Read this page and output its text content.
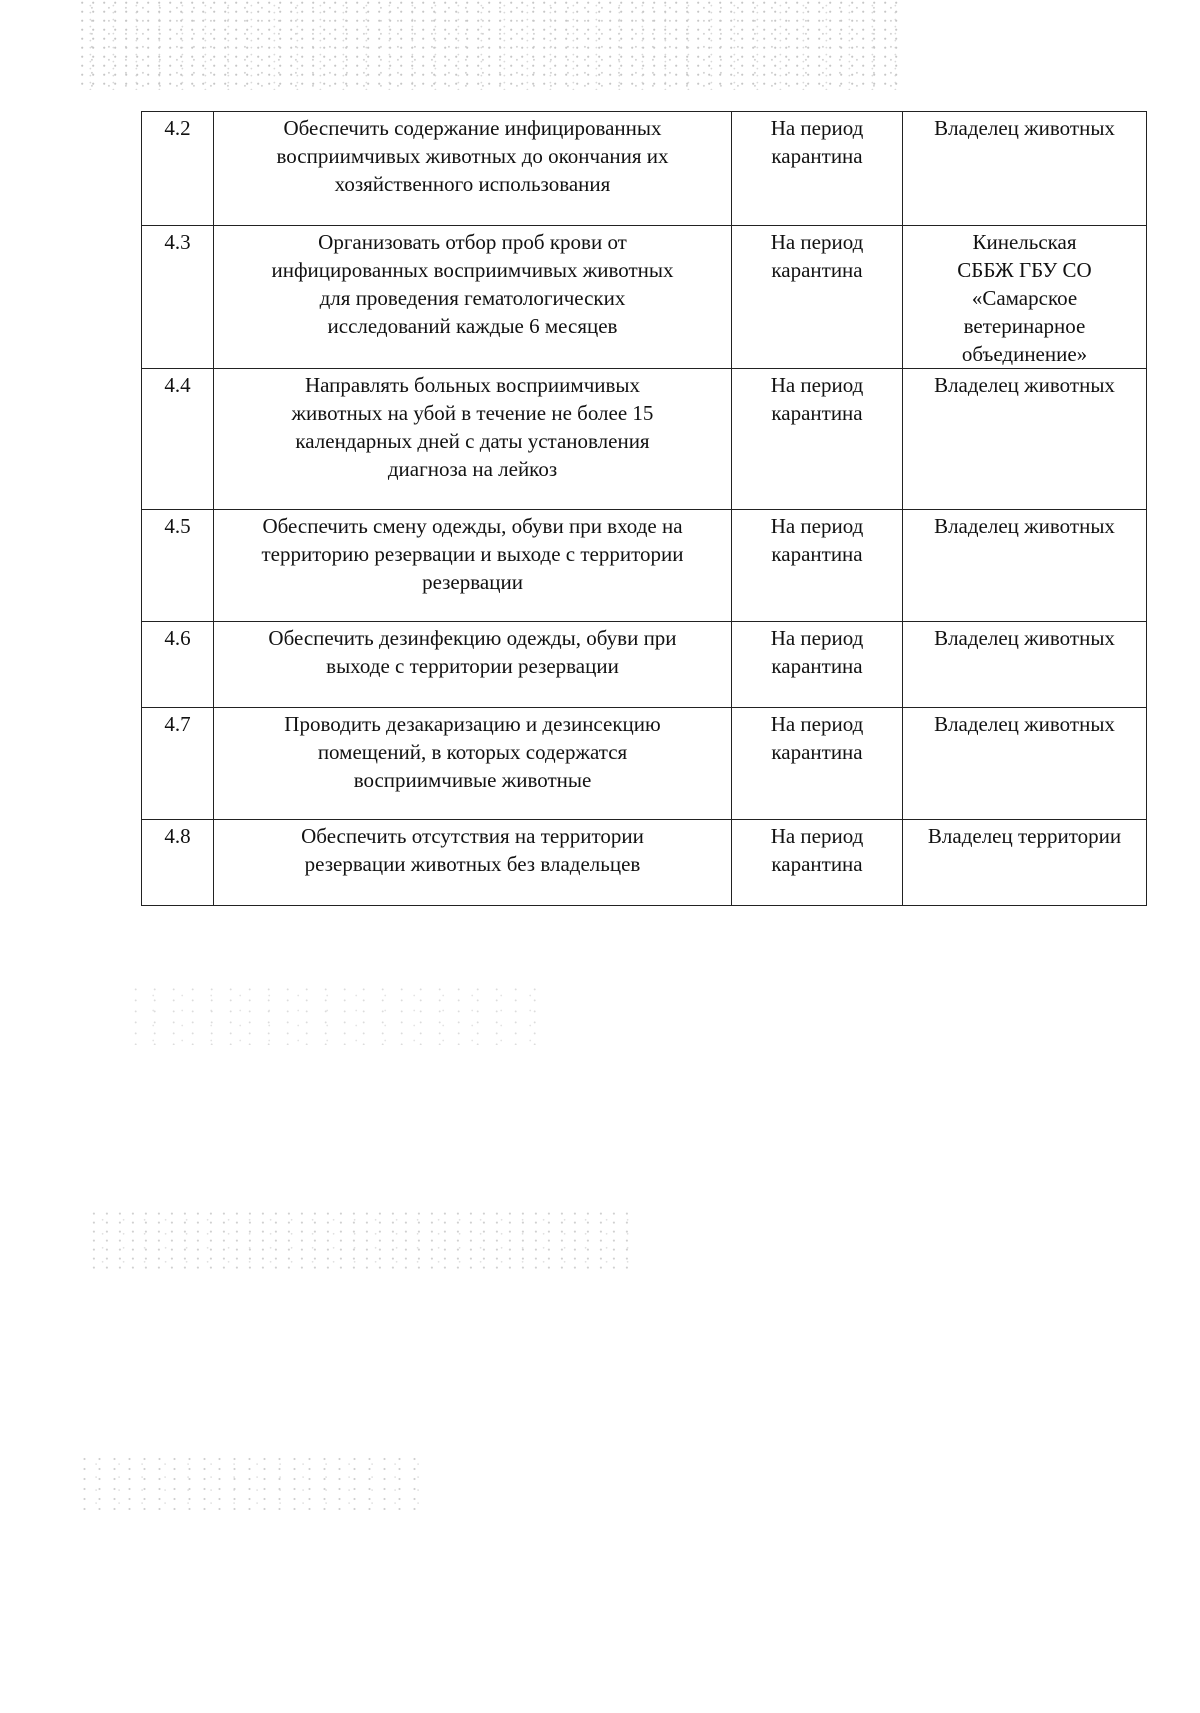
4.2	Обеспечить содержание инфицированных
восприимчивых животных до окончания их
хозяйственного использования	На период
карантина	Владелец животных

4.3	Организовать отбор проб крови от
инфицированных восприимчивых животных
для проведения гематологических
исследований каждые 6 месяцев	На период
карантина	Кинельская
СББЖ ГБУ СО
«Самарское
ветеринарное
объединение»

4.4	Направлять больных восприимчивых
животных на убой в течение не более 15
календарных дней с даты установления
диагноза на лейкоз	На период
карантина	Владелец животных

4.5	Обеспечить смену одежды, обуви при входе на
территорию резервации и выходе с территории
резервации	На период
карантина	Владелец животных

4.6	Обеспечить дезинфекцию одежды, обуви при
выходе с территории резервации	На период
карантина	Владелец животных

4.7	Проводить дезакаризацию и дезинсекцию
помещений, в которых содержатся
восприимчивые животные	На период
карантина	Владелец животных

4.8	Обеспечить отсутствия на территории
резервации животных без владельцев	На период
карантина	Владелец территории
